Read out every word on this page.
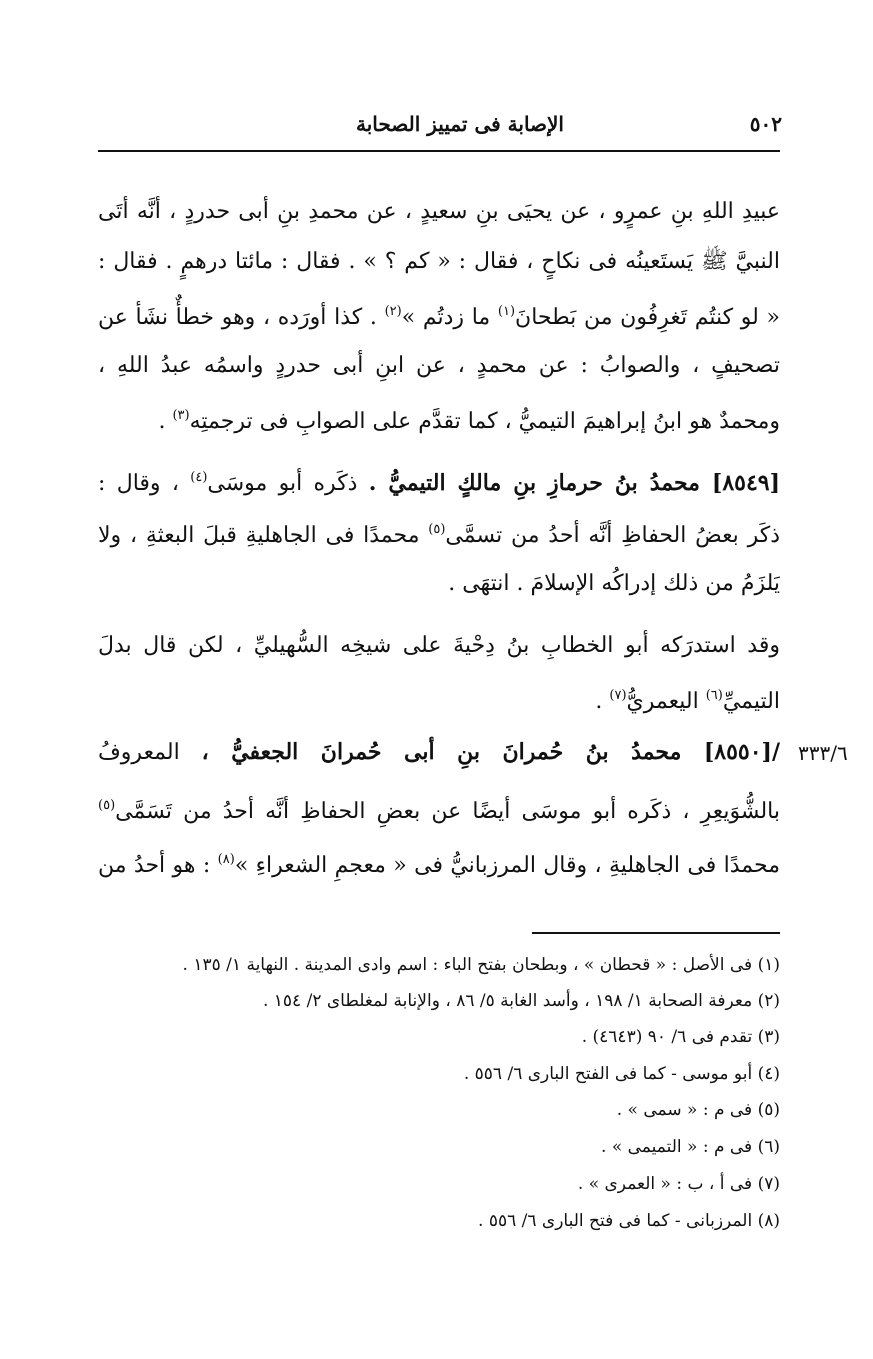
الإصابة فى تمييز الصحابة	٥٠٢
عبيدِ اللهِ بنِ عمرٍو ، عن يحيَى بنِ سعيدٍ ، عن محمدِ بنِ أبى حدردٍ ، أنَّه أتَى
النبيَّ ﷺ يَستَعينُه فى نكاحٍ ، فقال : « كم ؟ » . فقال : مائتا درهمٍ . فقال :
« لو كنتُم تَغرِفُون من بَطحانَ$^{(١)}$ ما زدتُم »$^{(٢)}$ . كذا أورَده ، وهو خطأٌ نشَأ عن
تصحيفٍ ، والصوابُ : عن محمدٍ ، عن ابنِ أبى حدردٍ واسمُه عبدُ اللهِ ،
ومحمدٌ هو ابنُ إبراهيمَ التيميُّ ، كما تقدَّم على الصوابِ فى ترجمتِه$^{(٣)}$ .
[٨٥٤٩] محمدُ بنُ حرمازِ بنِ مالكٍ التيميُّ . ذكَره أبو موسَى$^{(٤)}$ ، وقال :
ذكَر بعضُ الحفاظِ أنَّه أحدُ من تسمَّى$^{(٥)}$ محمدًا فى الجاهليةِ قبلَ البعثةِ ، ولا
يَلزَمُ من ذلك إدراكُه الإسلامَ . انتهَى .
وقد استدرَكه أبو الخطابِ بنُ دِحْيةَ على شيخِه السُّهيليِّ ، لكن قال بدلَ
التيميِّ$^{(٦)}$ اليعمريُّ$^{(٧)}$ .
٣٣٣/٦
/[٨٥٥٠] محمدُ بنُ حُمرانَ بنِ أبى حُمرانَ الجعفيُّ ، المعروفُ
بالشُّوَيعِرِ ، ذكَره أبو موسَى أيضًا عن بعضِ الحفاظِ أنَّه أحدُ من تَسَمَّى$^{(٥)}$
محمدًا فى الجاهليةِ ، وقال المرزبانيُّ فى « معجمِ الشعراءِ »$^{(٨)}$ : هو أحدُ من
(١) فى الأصل : « قحطان » ، وبطحان بفتح الباء : اسم وادى المدينة . النهاية ١/ ١٣٥ .
(٢) معرفة الصحابة ١/ ١٩٨ ، وأسد الغابة ٥/ ٨٦ ، والإنابة لمغلطاى ٢/ ١٥٤ .
(٣) تقدم فى ٦/ ٩٠ (٤٦٤٣) .
(٤) أبو موسى - كما فى الفتح البارى ٦/ ٥٥٦ .
(٥) فى م : « سمى » .
(٦) فى م : « التميمى » .
(٧) فى أ ، ب : « العمرى » .
(٨) المرزبانى - كما فى فتح البارى ٦/ ٥٥٦ .
